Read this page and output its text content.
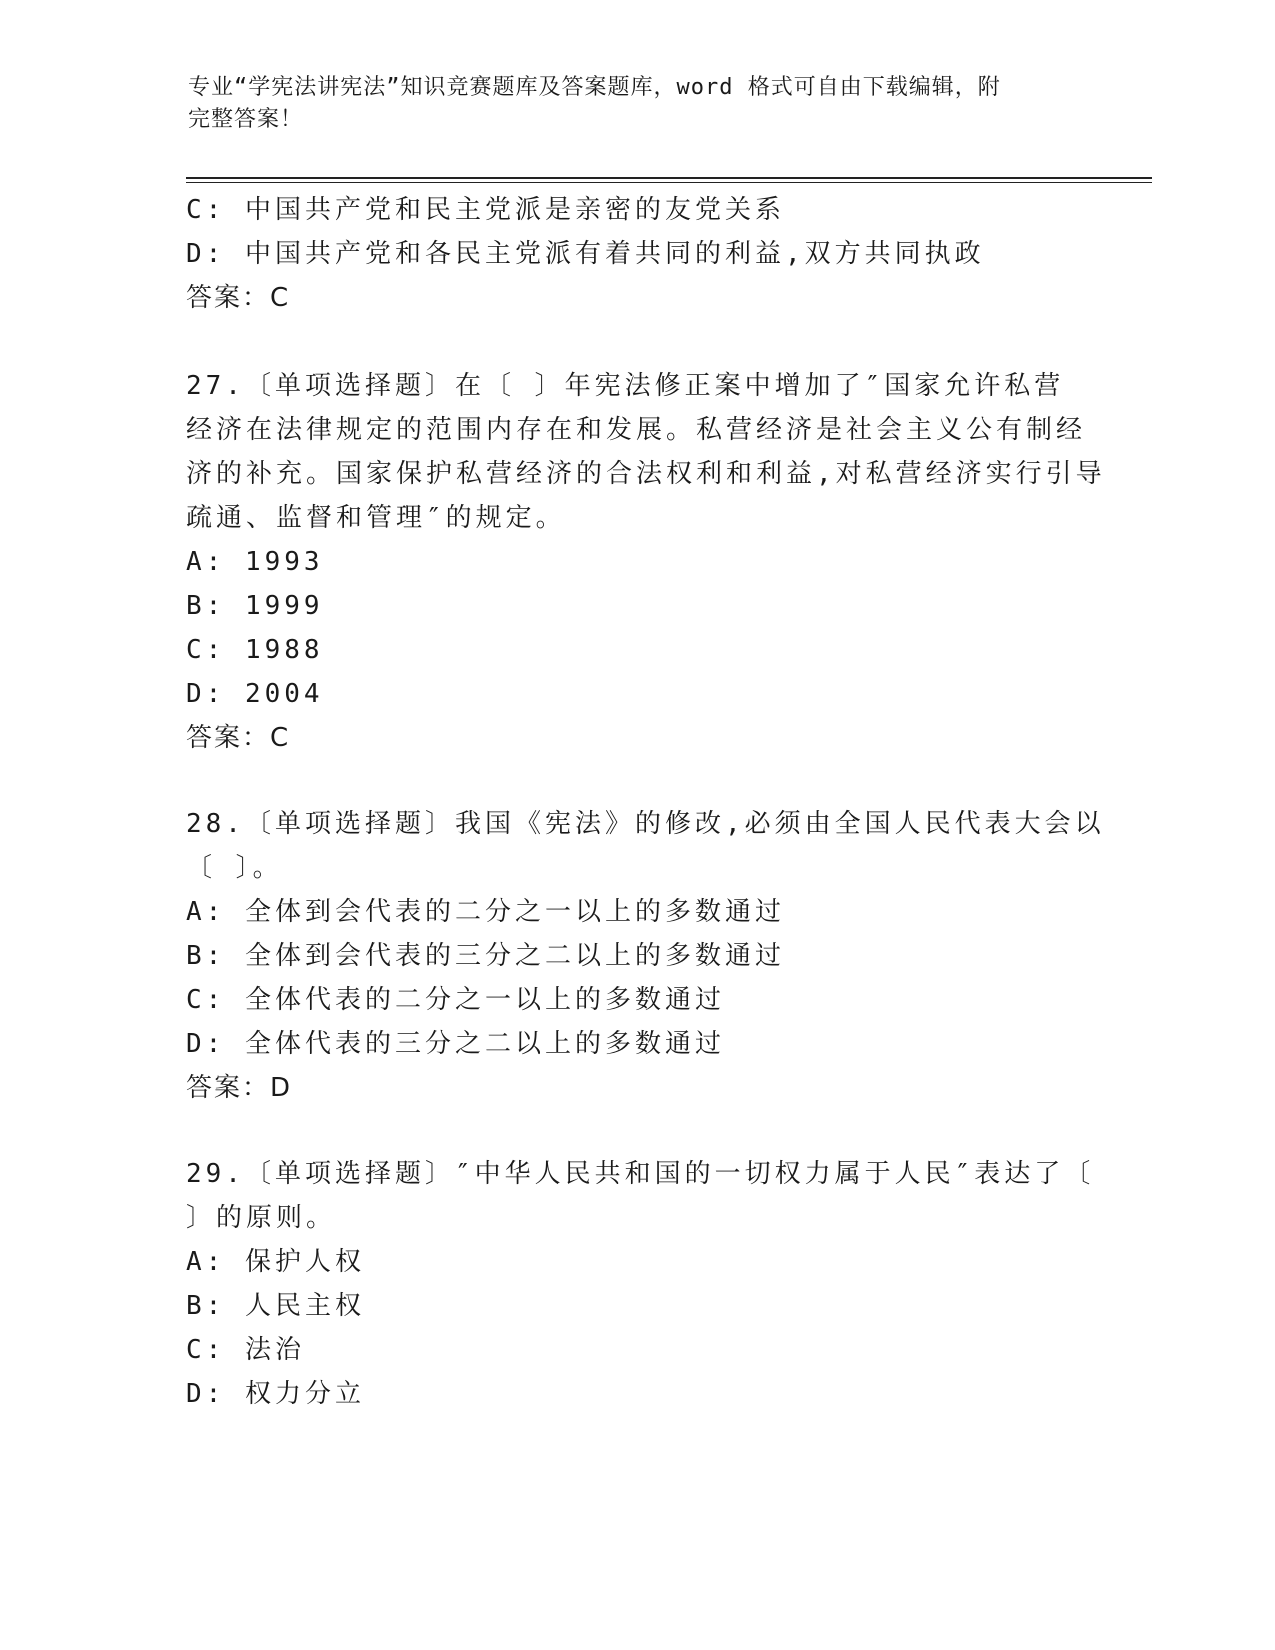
专业“学宪法讲宪法”知识竞赛题库及答案题库，word 格式可自由下载编辑，附
完整答案！
C: 中国共产党和民主党派是亲密的友党关系
D: 中国共产党和各民主党派有着共同的利益,双方共同执政
答案：C
27.〔单项选择题〕在〔 〕年宪法修正案中增加了″国家允许私营
经济在法律规定的范围内存在和发展。私营经济是社会主义公有制经
济的补充。国家保护私营经济的合法权利和利益,对私营经济实行引导
疏通、监督和管理″的规定。
A: 1993
B: 1999
C: 1988
D: 2004
答案：C
28.〔单项选择题〕我国《宪法》的修改,必须由全国人民代表大会以
〔 〕。
A: 全体到会代表的二分之一以上的多数通过
B: 全体到会代表的三分之二以上的多数通过
C: 全体代表的二分之一以上的多数通过
D: 全体代表的三分之二以上的多数通过
答案：D
29.〔单项选择题〕″中华人民共和国的一切权力属于人民″表达了〔
〕的原则。
A: 保护人权
B: 人民主权
C: 法治
D: 权力分立
